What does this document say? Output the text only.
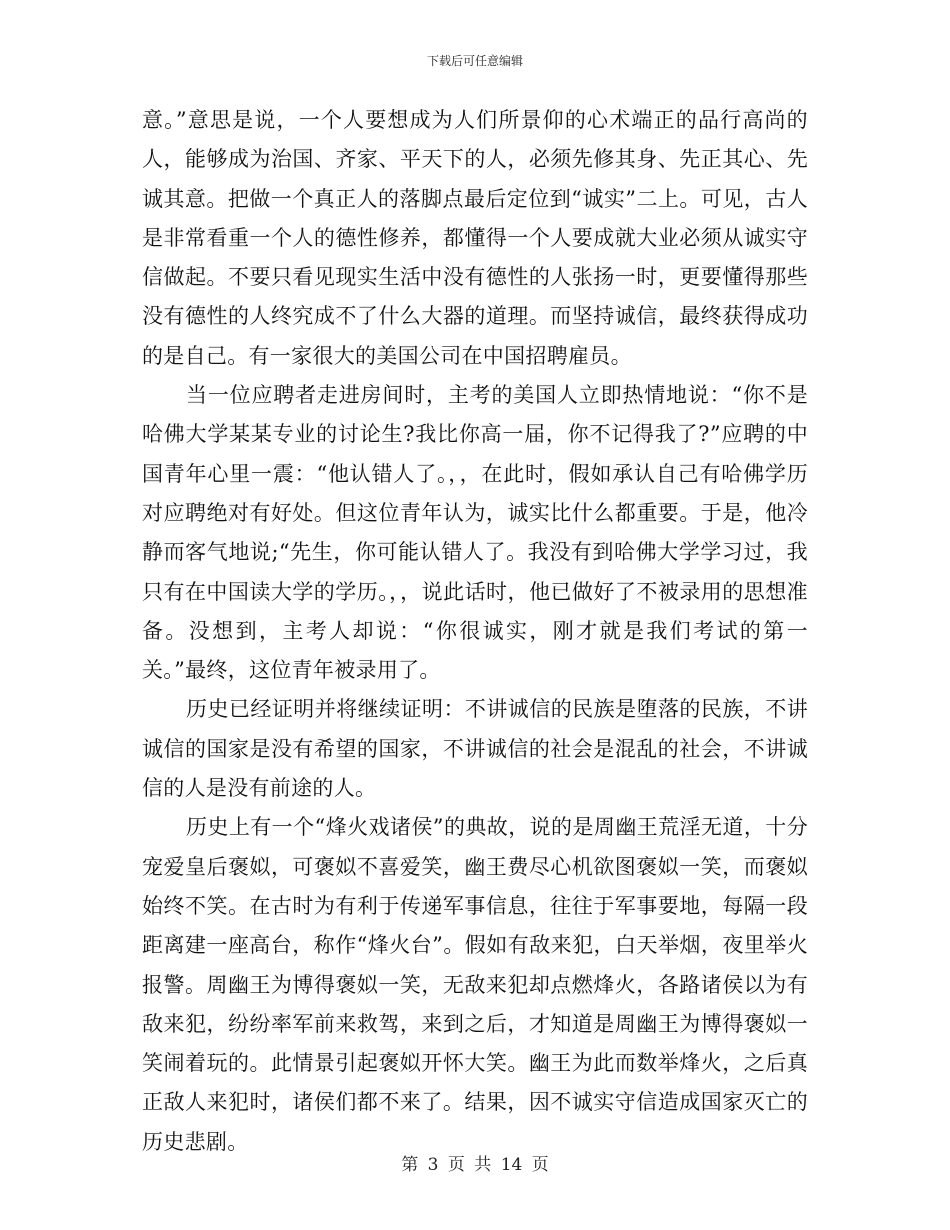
下载后可任意编辑

意。”意思是说，一个人要想成为人们所景仰的心术端正的品行高尚的人，能够成为治国、齐家、平天下的人，必须先修其身、先正其心、先诚其意。把做一个真正人的落脚点最后定位到“诚实”二上。可见，古人是非常看重一个人的德性修养，都懂得一个人要成就大业必须从诚实守信做起。不要只看见现实生活中没有德性的人张扬一时，更要懂得那些没有德性的人终究成不了什么大器的道理。而坚持诚信，最终获得成功的是自己。有一家很大的美国公司在中国招聘雇员。

当一位应聘者走进房间时，主考的美国人立即热情地说：“你不是哈佛大学某某专业的讨论生?我比你高一届，你不记得我了?”应聘的中国青年心里一震：“他认错人了。，，在此时，假如承认自己有哈佛学历对应聘绝对有好处。但这位青年认为，诚实比什么都重要。于是，他冷静而客气地说;“先生，你可能认错人了。我没有到哈佛大学学习过，我只有在中国读大学的学历。，，说此话时，他已做好了不被录用的思想准备。没想到，主考人却说：“你很诚实，刚才就是我们考试的第一关。”最终，这位青年被录用了。

历史已经证明并将继续证明：不讲诚信的民族是堕落的民族，不讲诚信的国家是没有希望的国家，不讲诚信的社会是混乱的社会，不讲诚信的人是没有前途的人。

历史上有一个“烽火戏诸侯”的典故，说的是周幽王荒淫无道，十分宠爱皇后褒姒，可褒姒不喜爱笑，幽王费尽心机欲图褒姒一笑，而褒姒始终不笑。在古时为有利于传递军事信息，往往于军事要地，每隔一段距离建一座高台，称作“烽火台”。假如有敌来犯，白天举烟，夜里举火报警。周幽王为博得褒姒一笑，无敌来犯却点燃烽火，各路诸侯以为有敌来犯，纷纷率军前来救驾，来到之后，才知道是周幽王为博得褒姒一笑闹着玩的。此情景引起褒姒开怀大笑。幽王为此而数举烽火，之后真正敌人来犯时，诸侯们都不来了。结果，因不诚实守信造成国家灭亡的历史悲剧。

第 3 页 共 14 页
